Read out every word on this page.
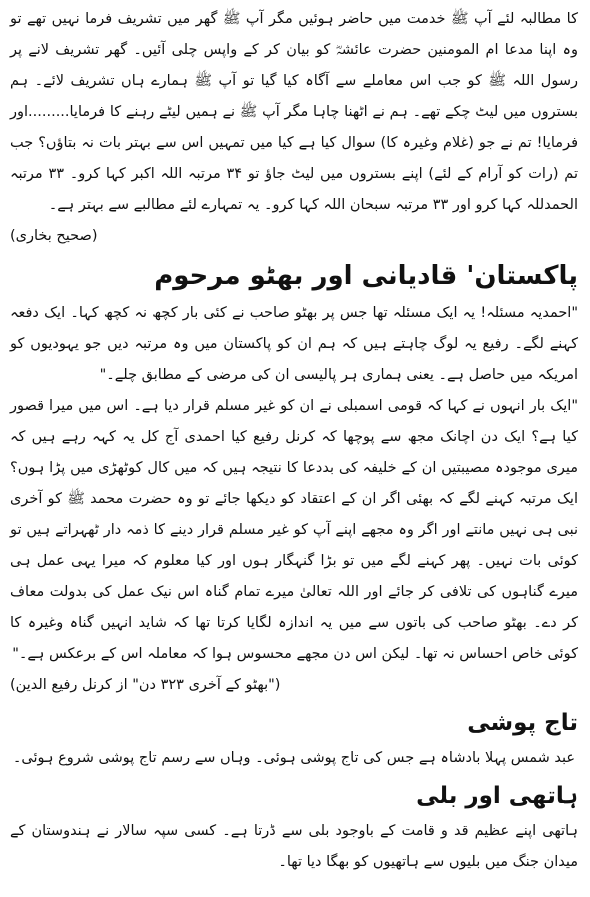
کا مطالبہ لئے آپ ﷺ خدمت میں حاضر ہوئیں مگر آپ ﷺ گھر میں تشریف فرما نہیں تھے تو وہ اپنا مدعا ام المومنین حضرت عائشہؓ کو بیان کر کے واپس چلی آئیں۔ گھر تشریف لانے پر رسول اللہ ﷺ کو جب اس معاملے سے آگاہ کیا گیا تو آپ ﷺ ہمارے ہاں تشریف لائے۔ ہم بستروں میں لیٹ چکے تھے۔ ہم نے اٹھنا چاہا مگر آپ ﷺ نے ہمیں لیٹے رہنے کا فرمایا.........اور فرمایا! تم نے جو (غلام وغیرہ کا) سوال کیا ہے کیا میں تمہیں اس سے بہتر بات نہ بتاؤں؟ جب تم (رات کو آرام کے لئے) اپنے بستروں میں لیٹ جاؤ تو ۳۴ مرتبہ اللہ اکبر کہا کرو۔ ۳۳ مرتبہ الحمدللہ کہا کرو اور ۳۳ مرتبہ سبحان اللہ کہا کرو۔ یہ تمہارے لئے مطالبے سے بہتر ہے۔
(صحیح بخاری)

پاکستان' قادیانی اور بھٹو مرحوم

"احمدیہ مسئلہ! یہ ایک مسئلہ تھا جس پر بھٹو صاحب نے کئی بار کچھ نہ کچھ کہا۔ ایک دفعہ کہنے لگے۔ رفیع یہ لوگ چاہتے ہیں کہ ہم ان کو پاکستان میں وہ مرتبہ دیں جو یہودیوں کو امریکہ میں حاصل ہے۔ یعنی ہماری ہر پالیسی ان کی مرضی کے مطابق چلے۔"

"ایک بار انہوں نے کہا کہ قومی اسمبلی نے ان کو غیر مسلم قرار دیا ہے۔ اس میں میرا قصور کیا ہے؟ ایک دن اچانک مجھ سے پوچھا کہ کرنل رفیع کیا احمدی آج کل یہ کہہ رہے ہیں کہ میری موجودہ مصیبتیں ان کے خلیفہ کی بددعا کا نتیجہ ہیں کہ میں کال کوٹھڑی میں پڑا ہوں؟ ایک مرتبہ کہنے لگے کہ بھئی اگر ان کے اعتقاد کو دیکھا جائے تو وہ حضرت محمد ﷺ کو آخری نبی ہی نہیں مانتے اور اگر وہ مجھے اپنے آپ کو غیر مسلم قرار دینے کا ذمہ دار ٹھہراتے ہیں تو کوئی بات نہیں۔ پھر کہنے لگے میں تو بڑا گنہگار ہوں اور کیا معلوم کہ میرا یہی عمل ہی میرے گناہوں کی تلافی کر جائے اور اللہ تعالیٰ میرے تمام گناہ اس نیک عمل کی بدولت معاف کر دے۔ بھٹو صاحب کی باتوں سے میں یہ اندازہ لگایا کرتا تھا کہ شاید انہیں گناہ وغیرہ کا کوئی خاص احساس نہ تھا۔ لیکن اس دن مجھے محسوس ہوا کہ معاملہ اس کے برعکس ہے۔"
("بھٹو کے آخری ۳۲۳ دن" از کرنل رفیع الدین)

تاج پوشی

عبد شمس پہلا بادشاہ ہے جس کی تاج پوشی ہوئی۔ وہاں سے رسم تاج پوشی شروع ہوئی۔

ہاتھی اور بلی

ہاتھی اپنے عظیم قد و قامت کے باوجود بلی سے ڈرتا ہے۔ کسی سپہ سالار نے ہندوستان کے میدان جنگ میں بلیوں سے ہاتھیوں کو بھگا دیا تھا۔
